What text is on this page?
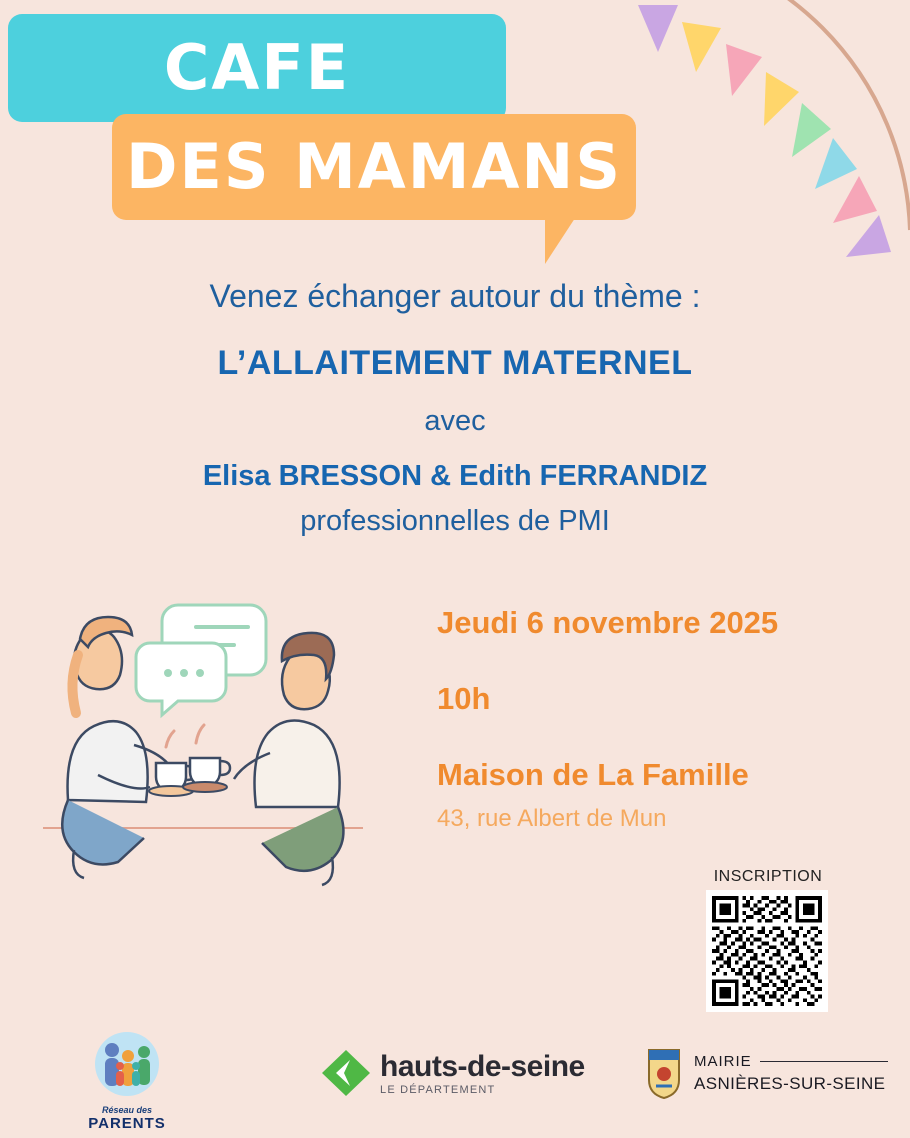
CAFE
DES MAMANS
Venez échanger autour du thème :
L’ALLAITEMENT MATERNEL
avec
Elisa BRESSON & Edith FERRANDIZ
professionnelles de PMI
Jeudi 6 novembre 2025
10h
Maison de La Famille
43, rue Albert de Mun
INSCRIPTION
Réseau des
PARENTS
hauts-de-seine
LE DÉPARTEMENT
MAIRIE
ASNIÈRES-SUR-SEINE
